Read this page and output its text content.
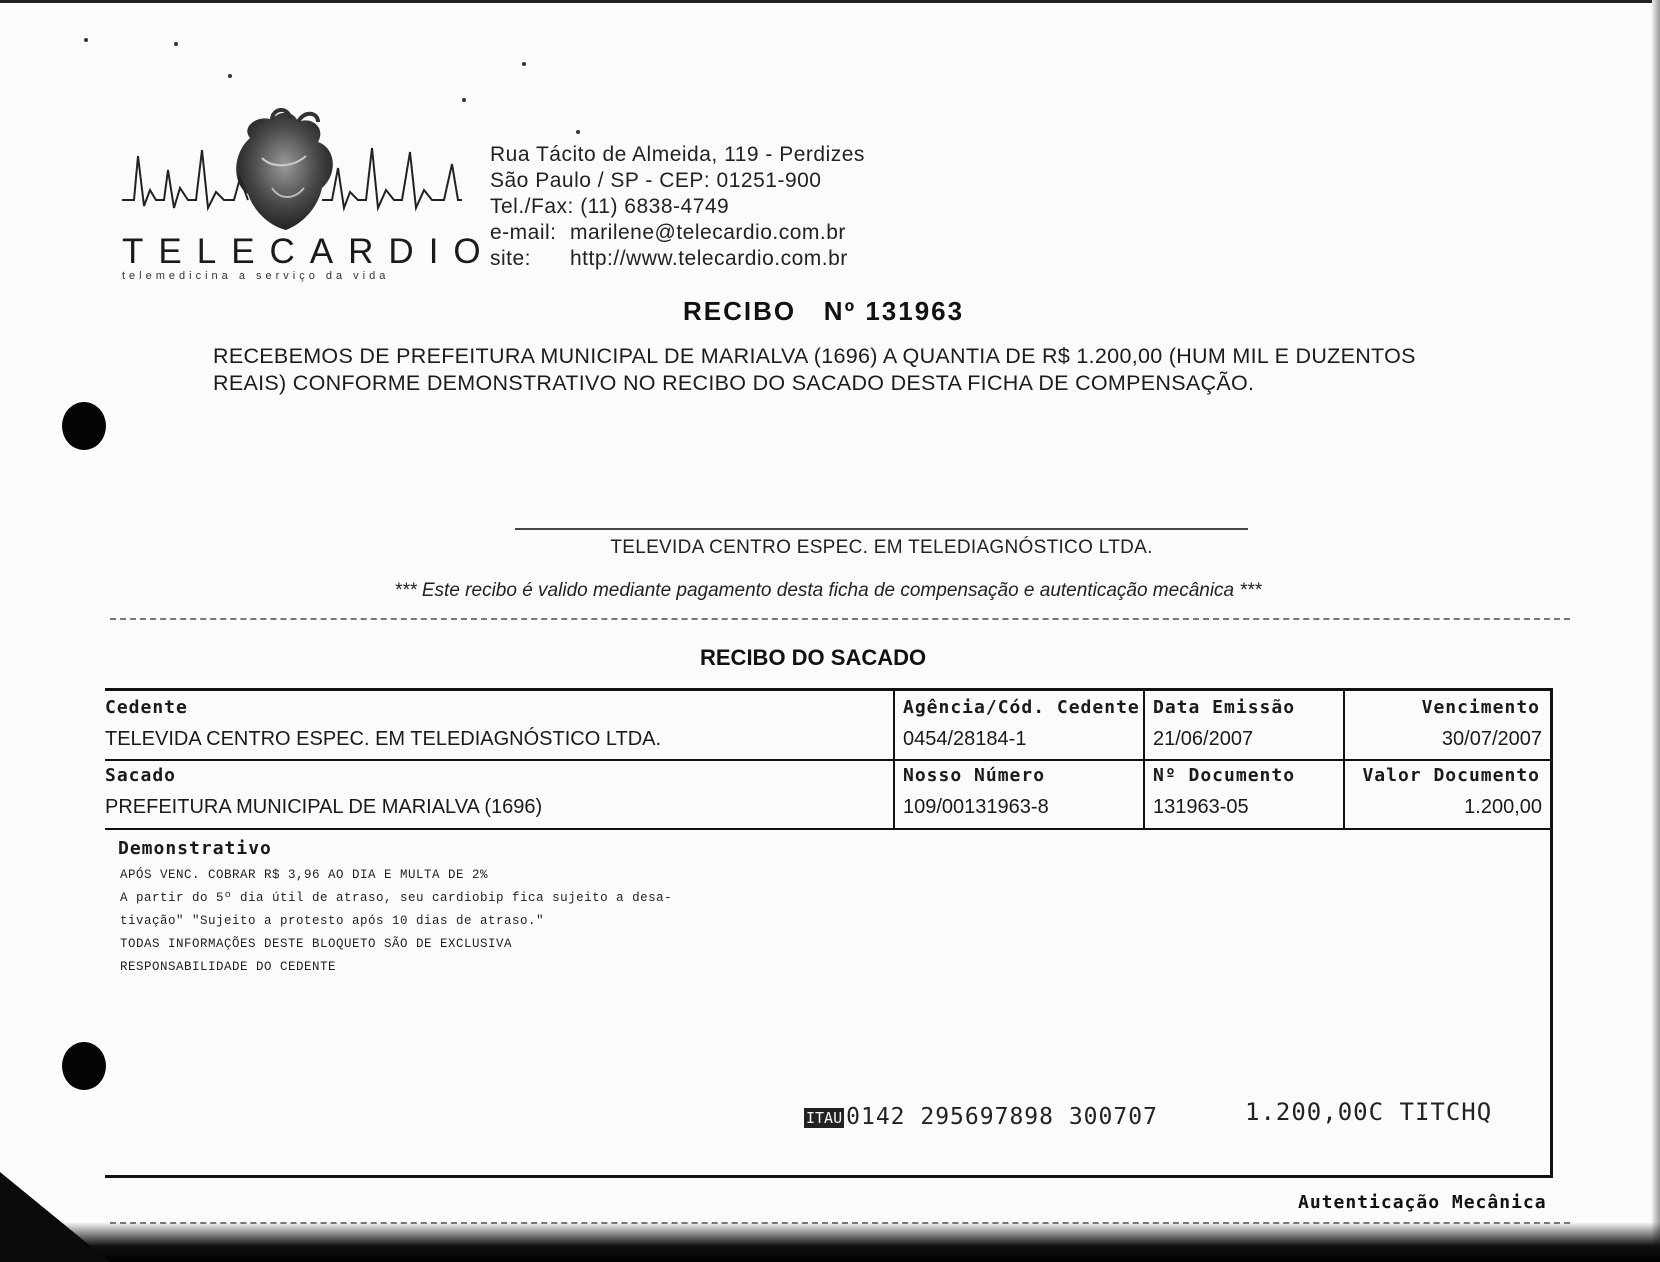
TELECARDIO
telemedicina a serviço da vida
Rua Tácito de Almeida, 119 - Perdizes
São Paulo / SP - CEP: 01251-900
Tel./Fax: (11) 6838-4749
e-mail: marilene@telecardio.com.br
site: http://www.telecardio.com.br
RECIBO Nº 131963
RECEBEMOS DE PREFEITURA MUNICIPAL DE MARIALVA (1696) A QUANTIA DE R$ 1.200,00 (HUM MIL E DUZENTOS REAIS) CONFORME DEMONSTRATIVO NO RECIBO DO SACADO DESTA FICHA DE COMPENSAÇÃO.
TELEVIDA CENTRO ESPEC. EM TELEDIAGNÓSTICO LTDA.
*** Este recibo é valido mediante pagamento desta ficha de compensação e autenticação mecânica ***
RECIBO DO SACADO
Cedente
TELEVIDA CENTRO ESPEC. EM TELEDIAGNÓSTICO LTDA.
Agência/Cód. Cedente
0454/28184-1
Data Emissão
21/06/2007
Vencimento
30/07/2007
Sacado
PREFEITURA MUNICIPAL DE MARIALVA (1696)
Nosso Número
109/00131963-8
Nº Documento
131963-05
Valor Documento
1.200,00
Demonstrativo
APÓS VENC. COBRAR R$ 3,96 AO DIA E MULTA DE 2%
A partir do 5º dia útil de atraso, seu cardiobip fica sujeito a desa-
tivação" "Sujeito a protesto após 10 dias de atraso."
TODAS INFORMAÇÕES DESTE BLOQUETO SÃO DE EXCLUSIVA
RESPONSABILIDADE DO CEDENTE
ITAU 0142 295697898 300707	1.200,00C TITCHQ
Autenticação Mecânica
